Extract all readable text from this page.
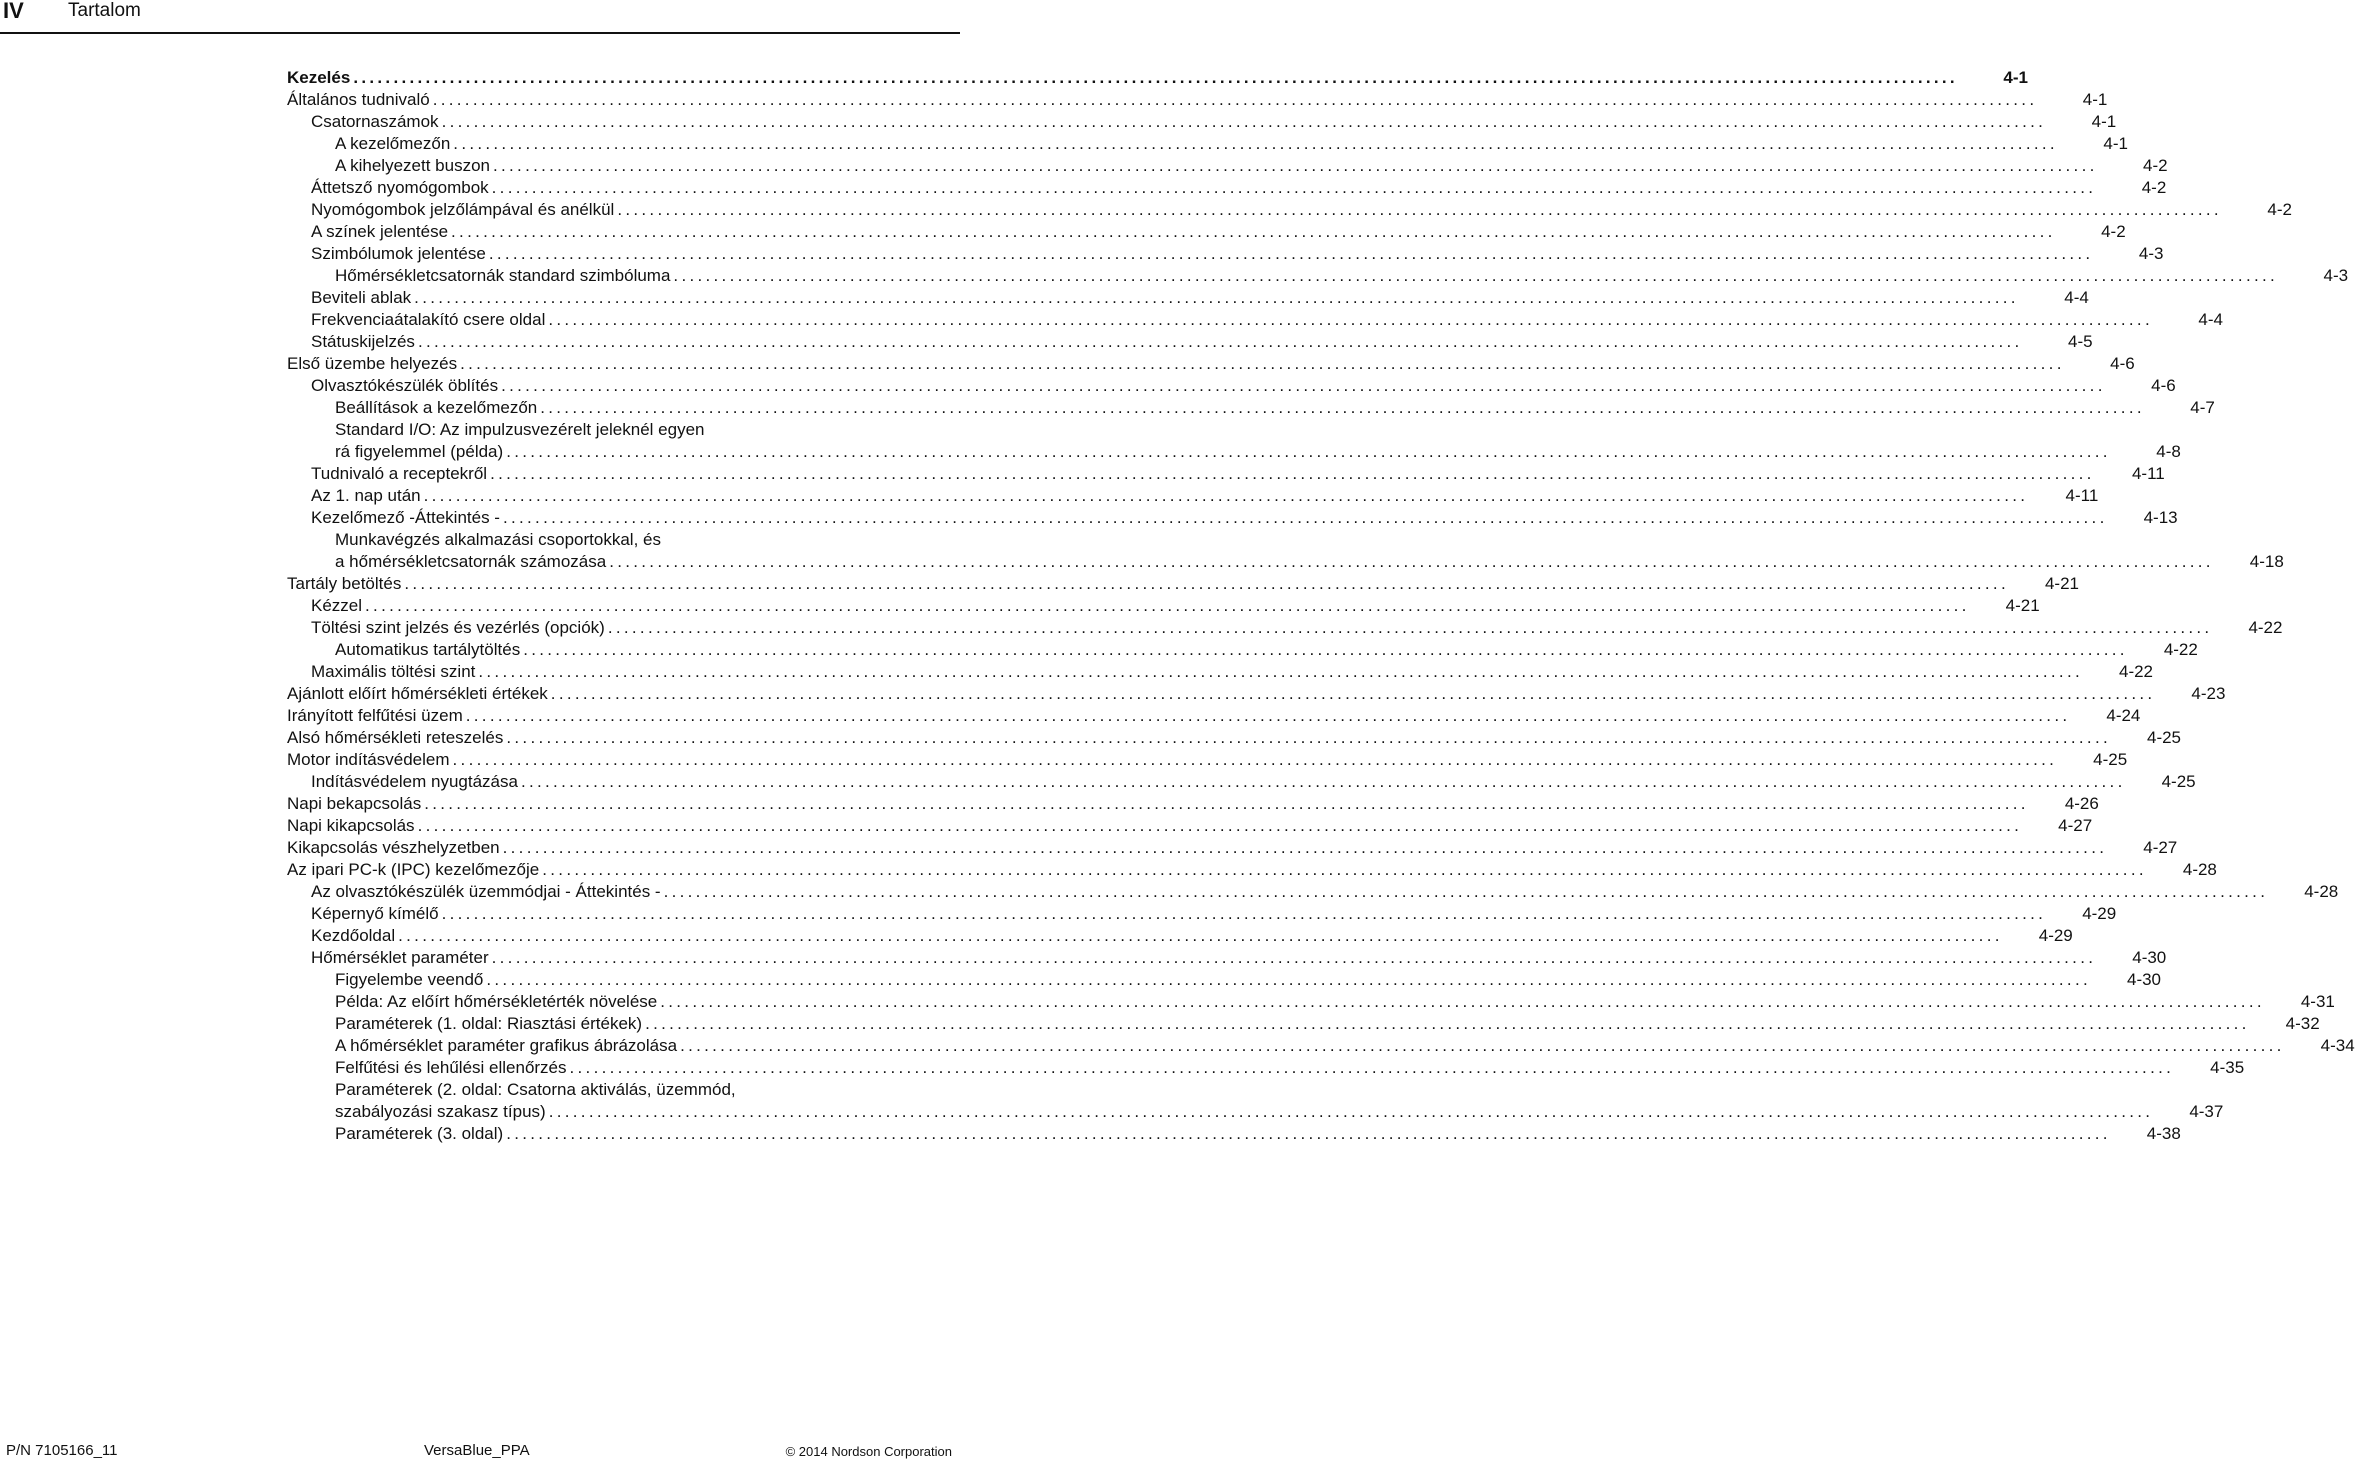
IV Tartalom
Kezelés ........................................................................................................................................................................................................	4-1
Általános tudnivaló ........................................................................................................................................................................................................	4-1
Csatornaszámok ........................................................................................................................................................................................................	4-1
A kezelőmezőn ........................................................................................................................................................................................................	4-1
A kihelyezett buszon ........................................................................................................................................................................................................	4-2
Áttetsző nyomógombok ........................................................................................................................................................................................................	4-2
Nyomógombok jelzőlámpával és anélkül ........................................................................................................................................................................................................	4-2
A színek jelentése ........................................................................................................................................................................................................	4-2
Szimbólumok jelentése ........................................................................................................................................................................................................	4-3
Hőmérsékletcsatornák standard szimbóluma ........................................................................................................................................................................................................	4-3
Beviteli ablak ........................................................................................................................................................................................................	4-4
Frekvenciaátalakító csere oldal ........................................................................................................................................................................................................	4-4
Státuskijelzés ........................................................................................................................................................................................................	4-5
Első üzembe helyezés ........................................................................................................................................................................................................	4-6
Olvasztókészülék öblítés ........................................................................................................................................................................................................	4-6
Beállítások a kezelőmezőn ........................................................................................................................................................................................................	4-7
Standard I/O: Az impulzusvezérelt jeleknél egyen
rá figyelemmel (példa) ........................................................................................................................................................................................................	4-8
Tudnivaló a receptekről ........................................................................................................................................................................................................	4-11
Az 1. nap után ........................................................................................................................................................................................................	4-11
Kezelőmező -Áttekintés - ........................................................................................................................................................................................................	4-13
Munkavégzés alkalmazási csoportokkal, és
a hőmérsékletcsatornák számozása ........................................................................................................................................................................................................	4-18
Tartály betöltés ........................................................................................................................................................................................................	4-21
Kézzel ........................................................................................................................................................................................................	4-21
Töltési szint jelzés és vezérlés (opciók) ........................................................................................................................................................................................................	4-22
Automatikus tartálytöltés ........................................................................................................................................................................................................	4-22
Maximális töltési szint ........................................................................................................................................................................................................	4-22
Ajánlott előírt hőmérsékleti értékek ........................................................................................................................................................................................................	4-23
Irányított felfűtési üzem ........................................................................................................................................................................................................	4-24
Alsó hőmérsékleti reteszelés ........................................................................................................................................................................................................	4-25
Motor indításvédelem ........................................................................................................................................................................................................	4-25
Indításvédelem nyugtázása ........................................................................................................................................................................................................	4-25
Napi bekapcsolás ........................................................................................................................................................................................................	4-26
Napi kikapcsolás ........................................................................................................................................................................................................	4-27
Kikapcsolás vészhelyzetben ........................................................................................................................................................................................................	4-27
Az ipari PC-k (IPC) kezelőmezője ........................................................................................................................................................................................................	4-28
Az olvasztókészülék üzemmódjai - Áttekintés - ........................................................................................................................................................................................................	4-28
Képernyő kímélő ........................................................................................................................................................................................................	4-29
Kezdőoldal ........................................................................................................................................................................................................	4-29
Hőmérséklet paraméter ........................................................................................................................................................................................................	4-30
Figyelembe veendő ........................................................................................................................................................................................................	4-30
Példa: Az előírt hőmérsékletérték növelése ........................................................................................................................................................................................................	4-31
Paraméterek (1. oldal: Riasztási értékek) ........................................................................................................................................................................................................	4-32
A hőmérséklet paraméter grafikus ábrázolása ........................................................................................................................................................................................................	4-34
Felfűtési és lehűlési ellenőrzés ........................................................................................................................................................................................................	4-35
Paraméterek (2. oldal: Csatorna aktiválás, üzemmód,
szabályozási szakasz típus) ........................................................................................................................................................................................................	4-37
Paraméterek (3. oldal) ........................................................................................................................................................................................................	4-38
P/N 7105166_11	VersaBlue_PPA	© 2014 Nordson Corporation
